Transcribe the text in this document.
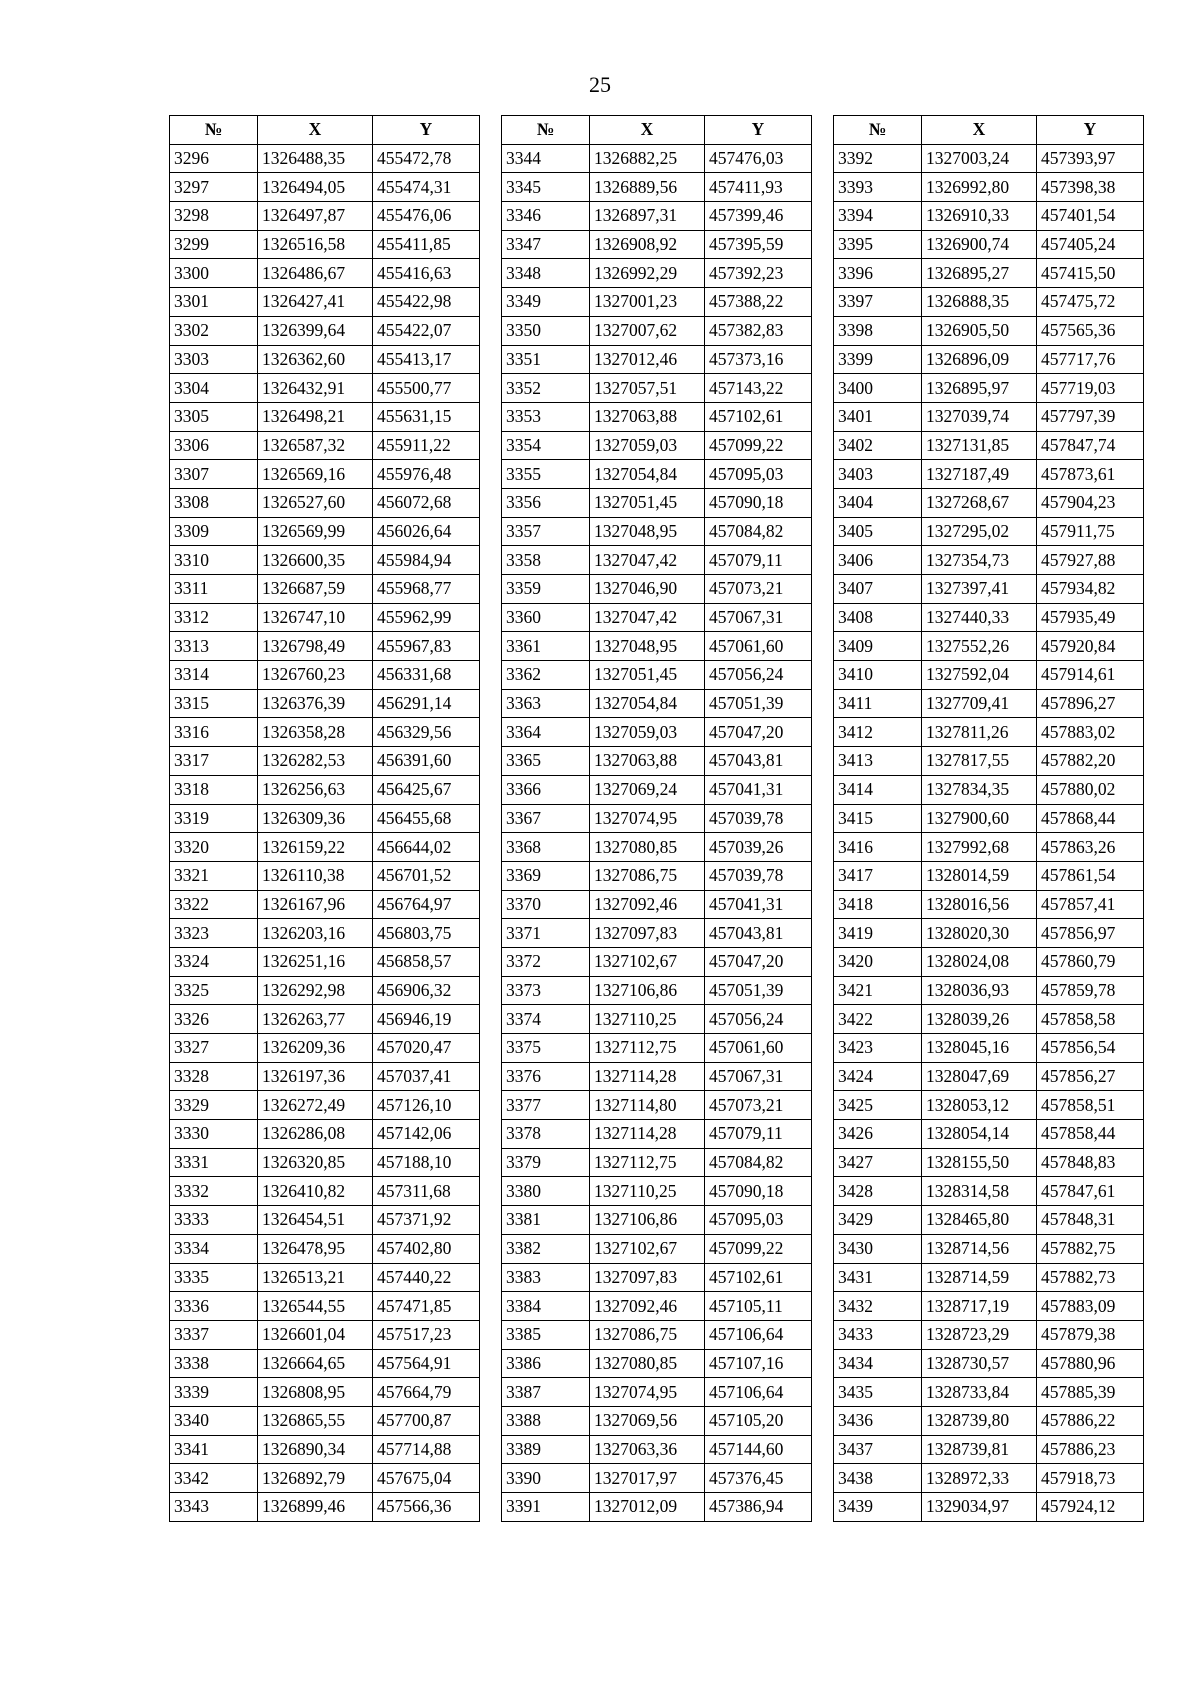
25
№	X	Y
3296	1326488,35	455472,78
3297	1326494,05	455474,31
3298	1326497,87	455476,06
3299	1326516,58	455411,85
3300	1326486,67	455416,63
3301	1326427,41	455422,98
3302	1326399,64	455422,07
3303	1326362,60	455413,17
3304	1326432,91	455500,77
3305	1326498,21	455631,15
3306	1326587,32	455911,22
3307	1326569,16	455976,48
3308	1326527,60	456072,68
3309	1326569,99	456026,64
3310	1326600,35	455984,94
3311	1326687,59	455968,77
3312	1326747,10	455962,99
3313	1326798,49	455967,83
3314	1326760,23	456331,68
3315	1326376,39	456291,14
3316	1326358,28	456329,56
3317	1326282,53	456391,60
3318	1326256,63	456425,67
3319	1326309,36	456455,68
3320	1326159,22	456644,02
3321	1326110,38	456701,52
3322	1326167,96	456764,97
3323	1326203,16	456803,75
3324	1326251,16	456858,57
3325	1326292,98	456906,32
3326	1326263,77	456946,19
3327	1326209,36	457020,47
3328	1326197,36	457037,41
3329	1326272,49	457126,10
3330	1326286,08	457142,06
3331	1326320,85	457188,10
3332	1326410,82	457311,68
3333	1326454,51	457371,92
3334	1326478,95	457402,80
3335	1326513,21	457440,22
3336	1326544,55	457471,85
3337	1326601,04	457517,23
3338	1326664,65	457564,91
3339	1326808,95	457664,79
3340	1326865,55	457700,87
3341	1326890,34	457714,88
3342	1326892,79	457675,04
3343	1326899,46	457566,36
№	X	Y
3344	1326882,25	457476,03
3345	1326889,56	457411,93
3346	1326897,31	457399,46
3347	1326908,92	457395,59
3348	1326992,29	457392,23
3349	1327001,23	457388,22
3350	1327007,62	457382,83
3351	1327012,46	457373,16
3352	1327057,51	457143,22
3353	1327063,88	457102,61
3354	1327059,03	457099,22
3355	1327054,84	457095,03
3356	1327051,45	457090,18
3357	1327048,95	457084,82
3358	1327047,42	457079,11
3359	1327046,90	457073,21
3360	1327047,42	457067,31
3361	1327048,95	457061,60
3362	1327051,45	457056,24
3363	1327054,84	457051,39
3364	1327059,03	457047,20
3365	1327063,88	457043,81
3366	1327069,24	457041,31
3367	1327074,95	457039,78
3368	1327080,85	457039,26
3369	1327086,75	457039,78
3370	1327092,46	457041,31
3371	1327097,83	457043,81
3372	1327102,67	457047,20
3373	1327106,86	457051,39
3374	1327110,25	457056,24
3375	1327112,75	457061,60
3376	1327114,28	457067,31
3377	1327114,80	457073,21
3378	1327114,28	457079,11
3379	1327112,75	457084,82
3380	1327110,25	457090,18
3381	1327106,86	457095,03
3382	1327102,67	457099,22
3383	1327097,83	457102,61
3384	1327092,46	457105,11
3385	1327086,75	457106,64
3386	1327080,85	457107,16
3387	1327074,95	457106,64
3388	1327069,56	457105,20
3389	1327063,36	457144,60
3390	1327017,97	457376,45
3391	1327012,09	457386,94
№	X	Y
3392	1327003,24	457393,97
3393	1326992,80	457398,38
3394	1326910,33	457401,54
3395	1326900,74	457405,24
3396	1326895,27	457415,50
3397	1326888,35	457475,72
3398	1326905,50	457565,36
3399	1326896,09	457717,76
3400	1326895,97	457719,03
3401	1327039,74	457797,39
3402	1327131,85	457847,74
3403	1327187,49	457873,61
3404	1327268,67	457904,23
3405	1327295,02	457911,75
3406	1327354,73	457927,88
3407	1327397,41	457934,82
3408	1327440,33	457935,49
3409	1327552,26	457920,84
3410	1327592,04	457914,61
3411	1327709,41	457896,27
3412	1327811,26	457883,02
3413	1327817,55	457882,20
3414	1327834,35	457880,02
3415	1327900,60	457868,44
3416	1327992,68	457863,26
3417	1328014,59	457861,54
3418	1328016,56	457857,41
3419	1328020,30	457856,97
3420	1328024,08	457860,79
3421	1328036,93	457859,78
3422	1328039,26	457858,58
3423	1328045,16	457856,54
3424	1328047,69	457856,27
3425	1328053,12	457858,51
3426	1328054,14	457858,44
3427	1328155,50	457848,83
3428	1328314,58	457847,61
3429	1328465,80	457848,31
3430	1328714,56	457882,75
3431	1328714,59	457882,73
3432	1328717,19	457883,09
3433	1328723,29	457879,38
3434	1328730,57	457880,96
3435	1328733,84	457885,39
3436	1328739,80	457886,22
3437	1328739,81	457886,23
3438	1328972,33	457918,73
3439	1329034,97	457924,12
